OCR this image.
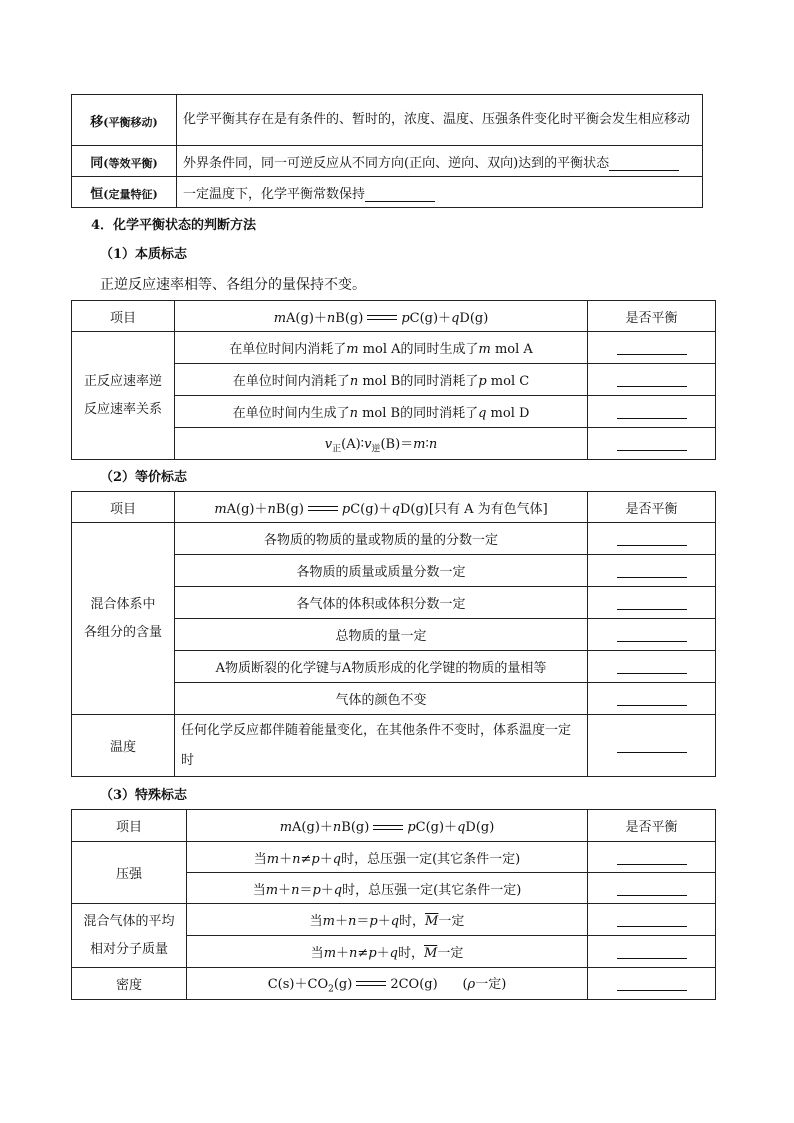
移(平衡移动)	化学平衡其存在是有条件的、暂时的，浓度、温度、压强条件变化时平衡会发生相应移动
同(等效平衡)	外界条件同，同一可逆反应从不同方向(正向、逆向、双向)达到的平衡状态
恒(定量特征)	一定温度下，化学平衡常数保持
4．化学平衡状态的判断方法
（1）本质标志
正逆反应速率相等、各组分的量保持不变。
项目	mA(g)＋nB(g) pC(g)＋qD(g)	是否平衡
正反应速率逆
反应速率关系	在单位时间内消耗了m mol A的同时生成了m mol A	
	在单位时间内消耗了n mol B的同时消耗了p mol C	
	在单位时间内生成了n mol B的同时消耗了q mol D	
	$v_正(A)∶v_逆(B)=m∶n$	
（2）等价标志
项目	mA(g)＋nB(g) pC(g)＋qD(g)[只有 A 为有色气体]	是否平衡
混合体系中
各组分的含量	各物质的物质的量或物质的量的分数一定	
	各物质的质量或质量分数一定	
	各气体的体积或体积分数一定	
	总物质的量一定	
	A物质断裂的化学键与A物质形成的化学键的物质的量相等	
	气体的颜色不变	
温度	任何化学反应都伴随着能量变化，在其他条件不变时，体系温度一定时	
（3）特殊标志
项目	mA(g)＋nB(g) pC(g)＋qD(g)	是否平衡
压强	当m＋n≠p＋q时，总压强一定(其它条件一定)	
	当m＋n＝p＋q时，总压强一定(其它条件一定)	
混合气体的平均
相对分子质量	当m＋n＝p＋q时，$\overline{M}$一定	
	当m＋n≠p＋q时，$\overline{M}$一定	
密度	$C(s)+CO_2(g)$ 2CO(g)      (ρ一定)	
